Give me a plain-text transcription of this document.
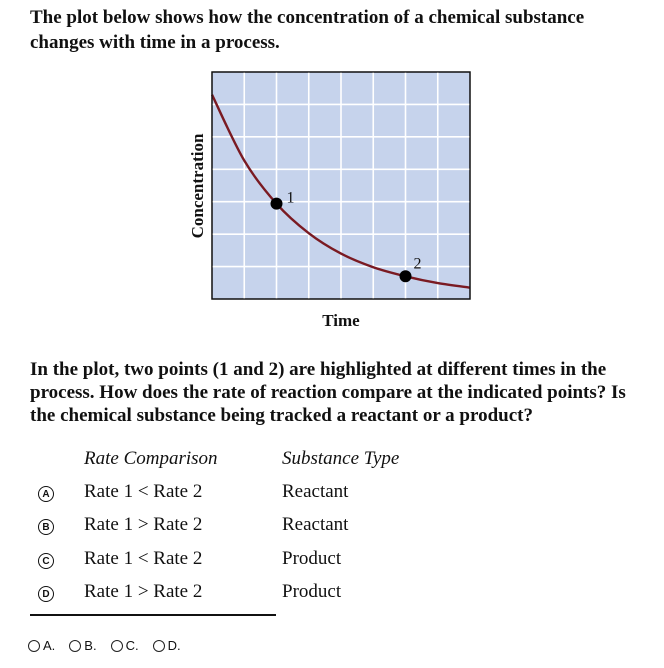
The plot below shows how the concentration of a chemical substance
changes with time in a process.
1
2
Concentration
Time
In the plot, two points (1 and 2) are highlighted at different times in the
process. How does the rate of reaction compare at the indicated points? Is
the chemical substance being tracked a reactant or a product?
Rate Comparison	Substance Type
A Rate 1 < Rate 2	Reactant
B Rate 1 > Rate 2	Reactant
C Rate 1 < Rate 2	Product
D Rate 1 > Rate 2	Product
A. B. C. D.
